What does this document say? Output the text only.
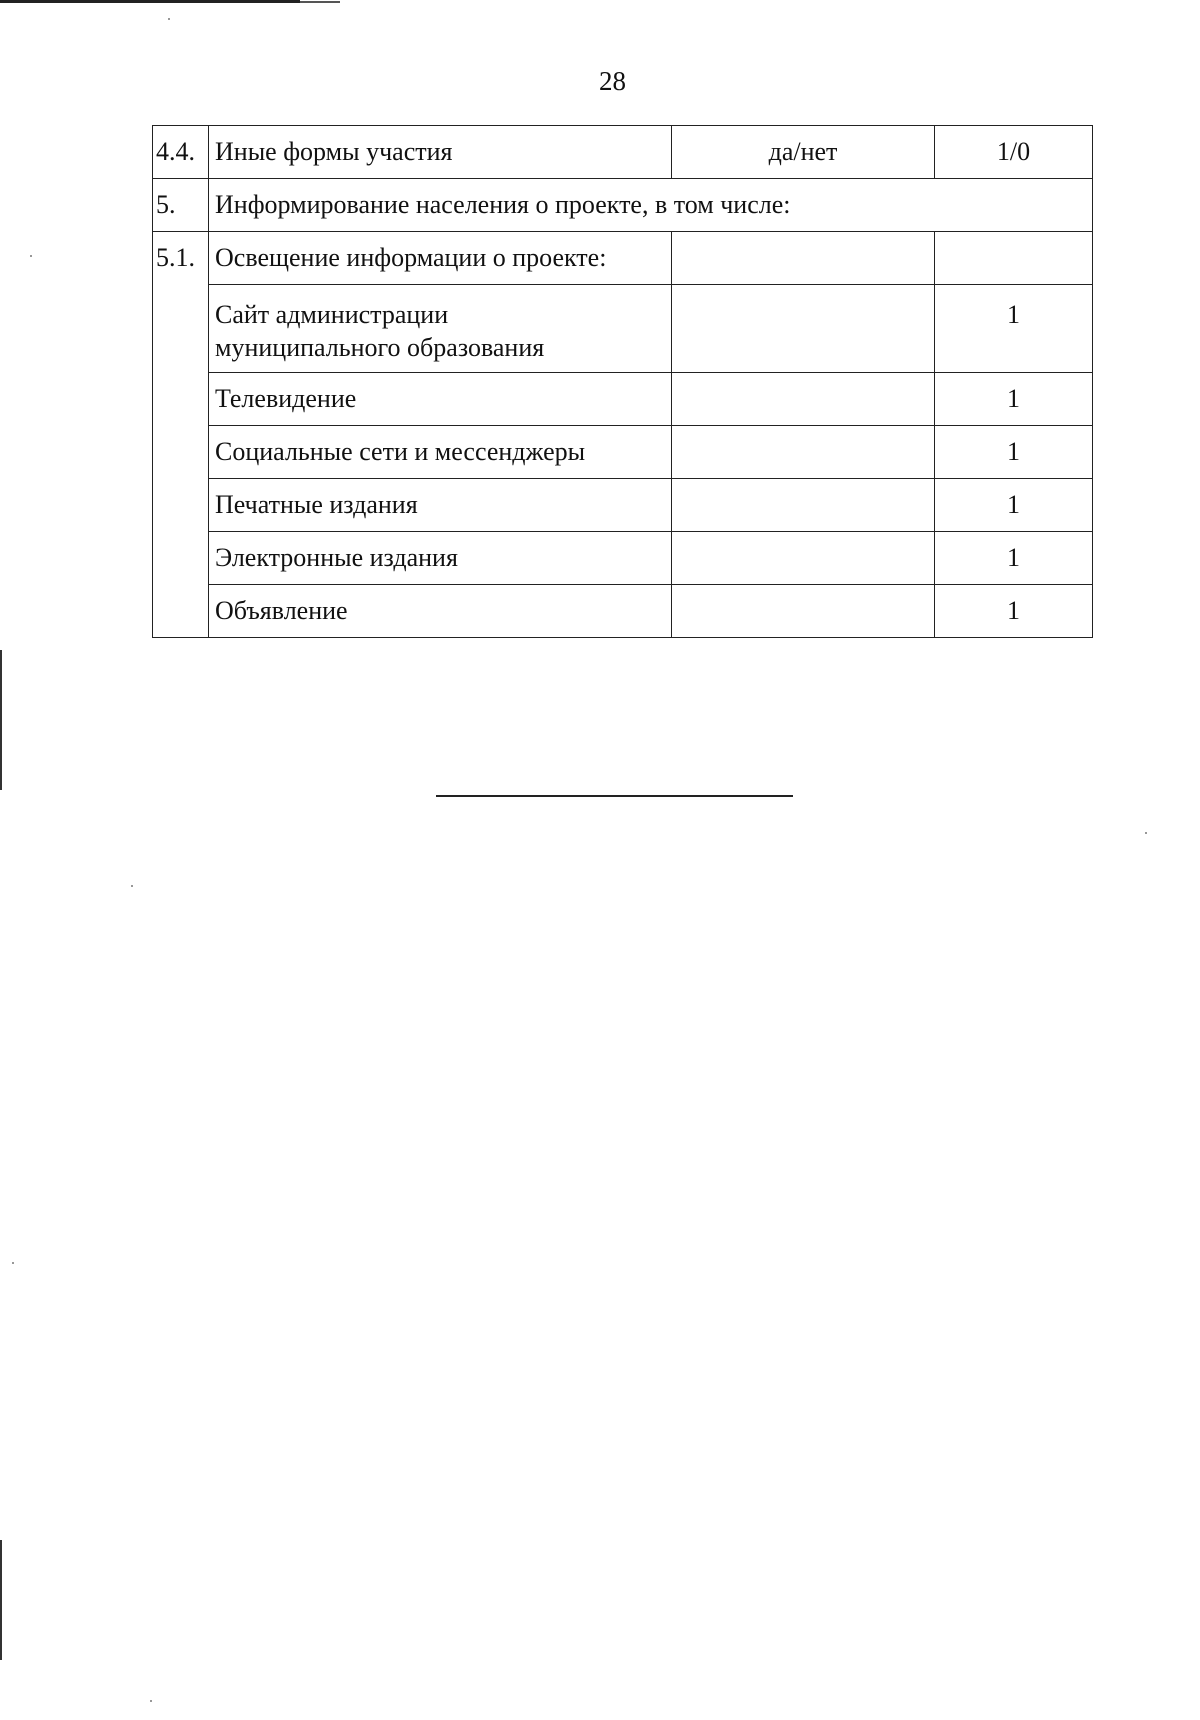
28
4.4.	Иные формы участия	да/нет	1/0
5.	Информирование населения о проекте, в том числе:		
5.1.	Освещение информации о проекте:		
	Сайт администрации
муниципального образования		1
	Телевидение		1
	Социальные сети и мессенджеры		1
	Печатные издания		1
	Электронные издания		1
	Объявление		1
